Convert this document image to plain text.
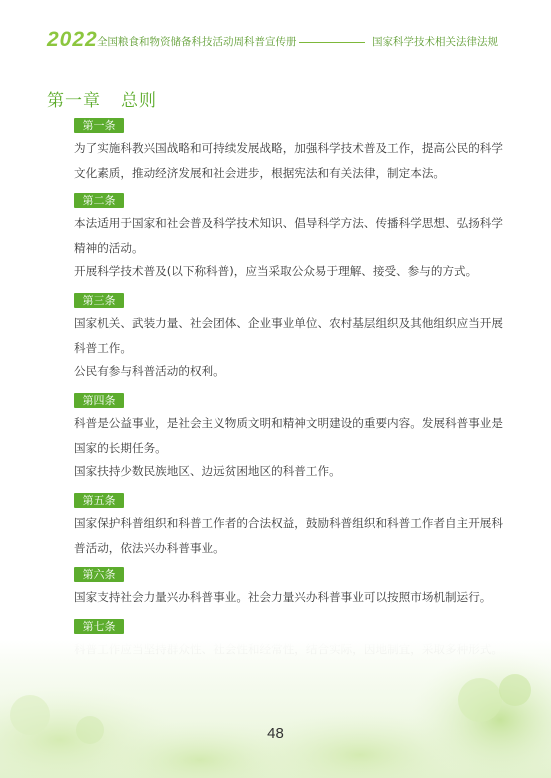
2022 全国粮食和物资储备科技活动周科普宣传册	国家科学技术相关法律法规
第一章 总则
第一条
为了实施科教兴国战略和可持续发展战略，加强科学技术普及工作，提高公民的科学文化素质，推动经济发展和社会进步，根据宪法和有关法律，制定本法。
第二条
本法适用于国家和社会普及科学技术知识、倡导科学方法、传播科学思想、弘扬科学精神的活动。
开展科学技术普及(以下称科普)，应当采取公众易于理解、接受、参与的方式。
第三条
国家机关、武装力量、社会团体、企业事业单位、农村基层组织及其他组织应当开展科普工作。
公民有参与科普活动的权利。
第四条
科普是公益事业，是社会主义物质文明和精神文明建设的重要内容。发展科普事业是国家的长期任务。
国家扶持少数民族地区、边远贫困地区的科普工作。
第五条
国家保护科普组织和科普工作者的合法权益，鼓励科普组织和科普工作者自主开展科普活动，依法兴办科普事业。
第六条
国家支持社会力量兴办科普事业。社会力量兴办科普事业可以按照市场机制运行。
第七条
48
